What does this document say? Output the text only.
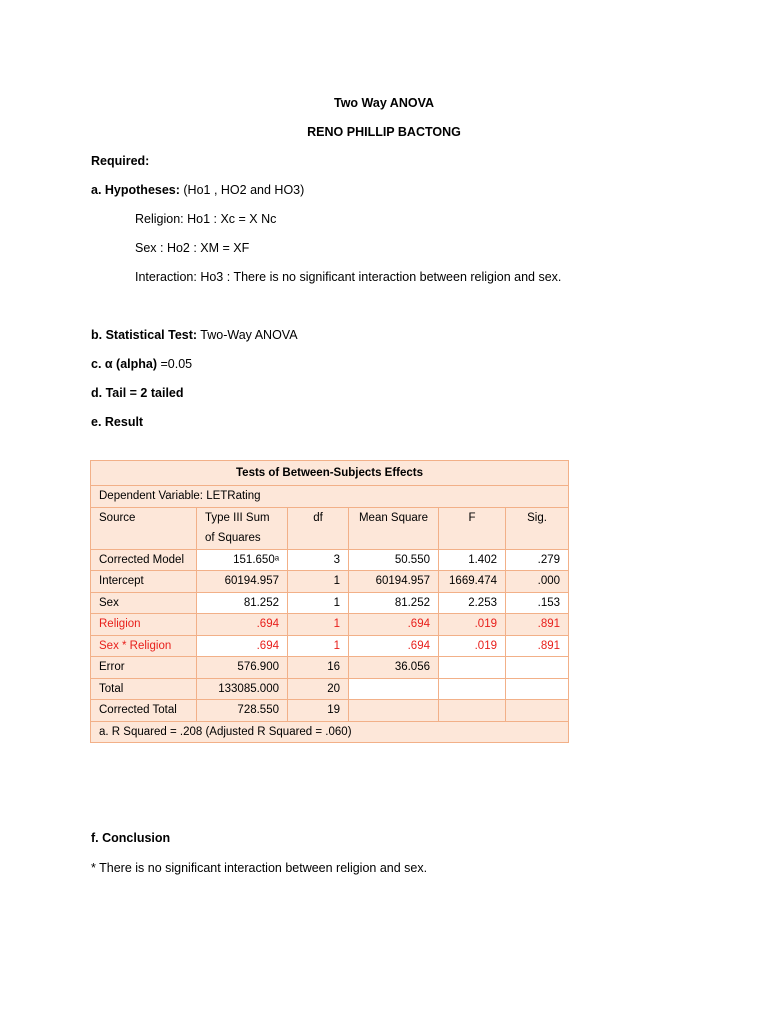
Two Way ANOVA
RENO PHILLIP BACTONG
Required:
a. Hypotheses: (Ho1 , HO2 and HO3)
Religion: Ho1 : Xc = X Nc
Sex : Ho2 : XM = XF
Interaction: Ho3 : There is no significant interaction between religion and sex.
b. Statistical Test: Two-Way ANOVA
c. α (alpha) =0.05
d. Tail = 2 tailed
e. Result
Tests of Between-Subjects Effects					
Dependent Variable: LETRating					
Source	Type III Sum of Squares	df	Mean Square	F	Sig.
Corrected Model	151.650ᵃ	3	50.550	1.402	.279
Intercept	60194.957	1	60194.957	1669.474	.000
Sex	81.252	1	81.252	2.253	.153
Religion	.694	1	.694	.019	.891
Sex * Religion	.694	1	.694	.019	.891
Error	576.900	16	36.056		
Total	133085.000	20			
Corrected Total	728.550	19			
a. R Squared = .208 (Adjusted R Squared = .060)					
f. Conclusion
* There is no significant interaction between religion and sex.
